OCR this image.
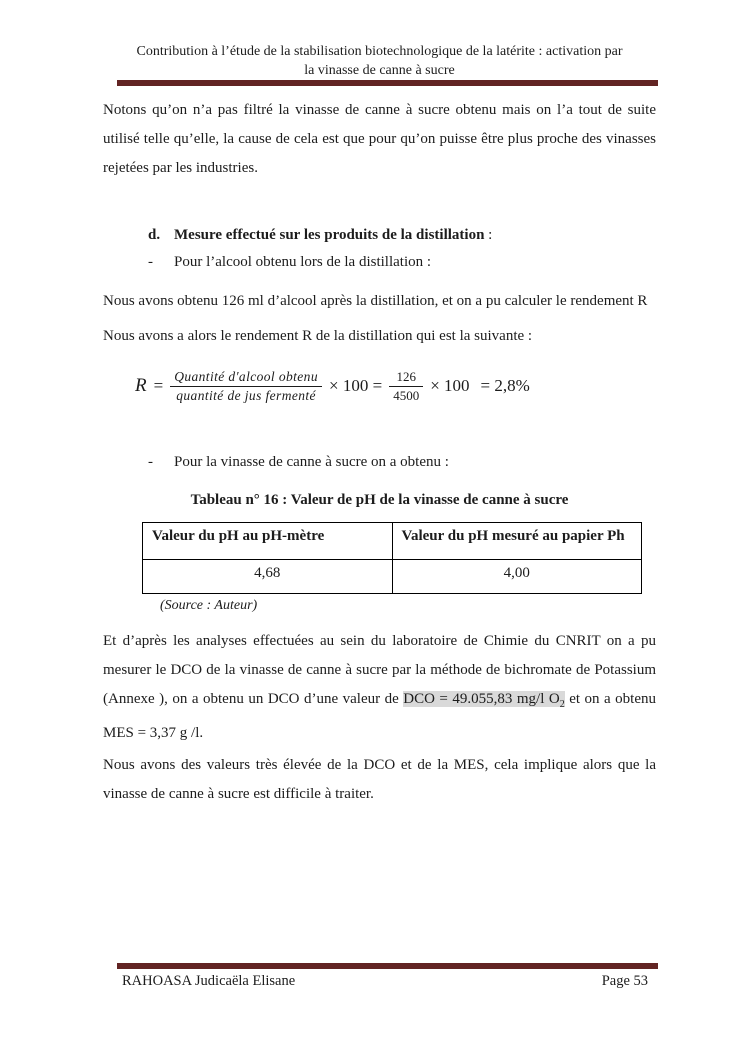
Contribution à l’étude de la stabilisation biotechnologique de la latérite : activation par
la vinasse de canne à sucre
Notons qu’on n’a pas filtré la vinasse de canne à sucre obtenu mais on l’a tout de suite utilisé telle qu’elle, la cause de cela est que pour qu’on puisse être plus proche des vinasses rejetées par les industries.
d. Mesure effectué sur les produits de la distillation :
-	Pour l’alcool obtenu lors de la distillation :
Nous avons obtenu 126 ml d’alcool après la distillation, et on a pu calculer le rendement R
Nous avons a alors le rendement R de la distillation qui est la suivante :
$R = \frac{\text{Quantité d′alcool obtenu}}{\text{quantité de jus fermenté}} \times 100 = \frac{126}{4500} \times 100 = 2,8\%$
-	Pour la vinasse de canne à sucre on a obtenu :
Tableau n° 16 : Valeur de pH de la vinasse de canne à sucre
Valeur du pH au pH-mètre	Valeur du pH mesuré au papier Ph
4,68	4,00
(Source : Auteur)
Et d’après les analyses effectuées au sein du laboratoire de Chimie du CNRIT on a pu mesurer le DCO de la vinasse de canne à sucre par la méthode de bichromate de Potassium (Annexe ), on a obtenu un DCO d’une valeur de DCO = 49.055,83 mg/l $O_2$ et on a obtenu MES = 3,37 g /l.
Nous avons des valeurs très élevée de la DCO et de la MES, cela implique alors que la vinasse de canne à sucre est difficile à traiter.
RAHOASA Judicaëla Elisane	Page 53
